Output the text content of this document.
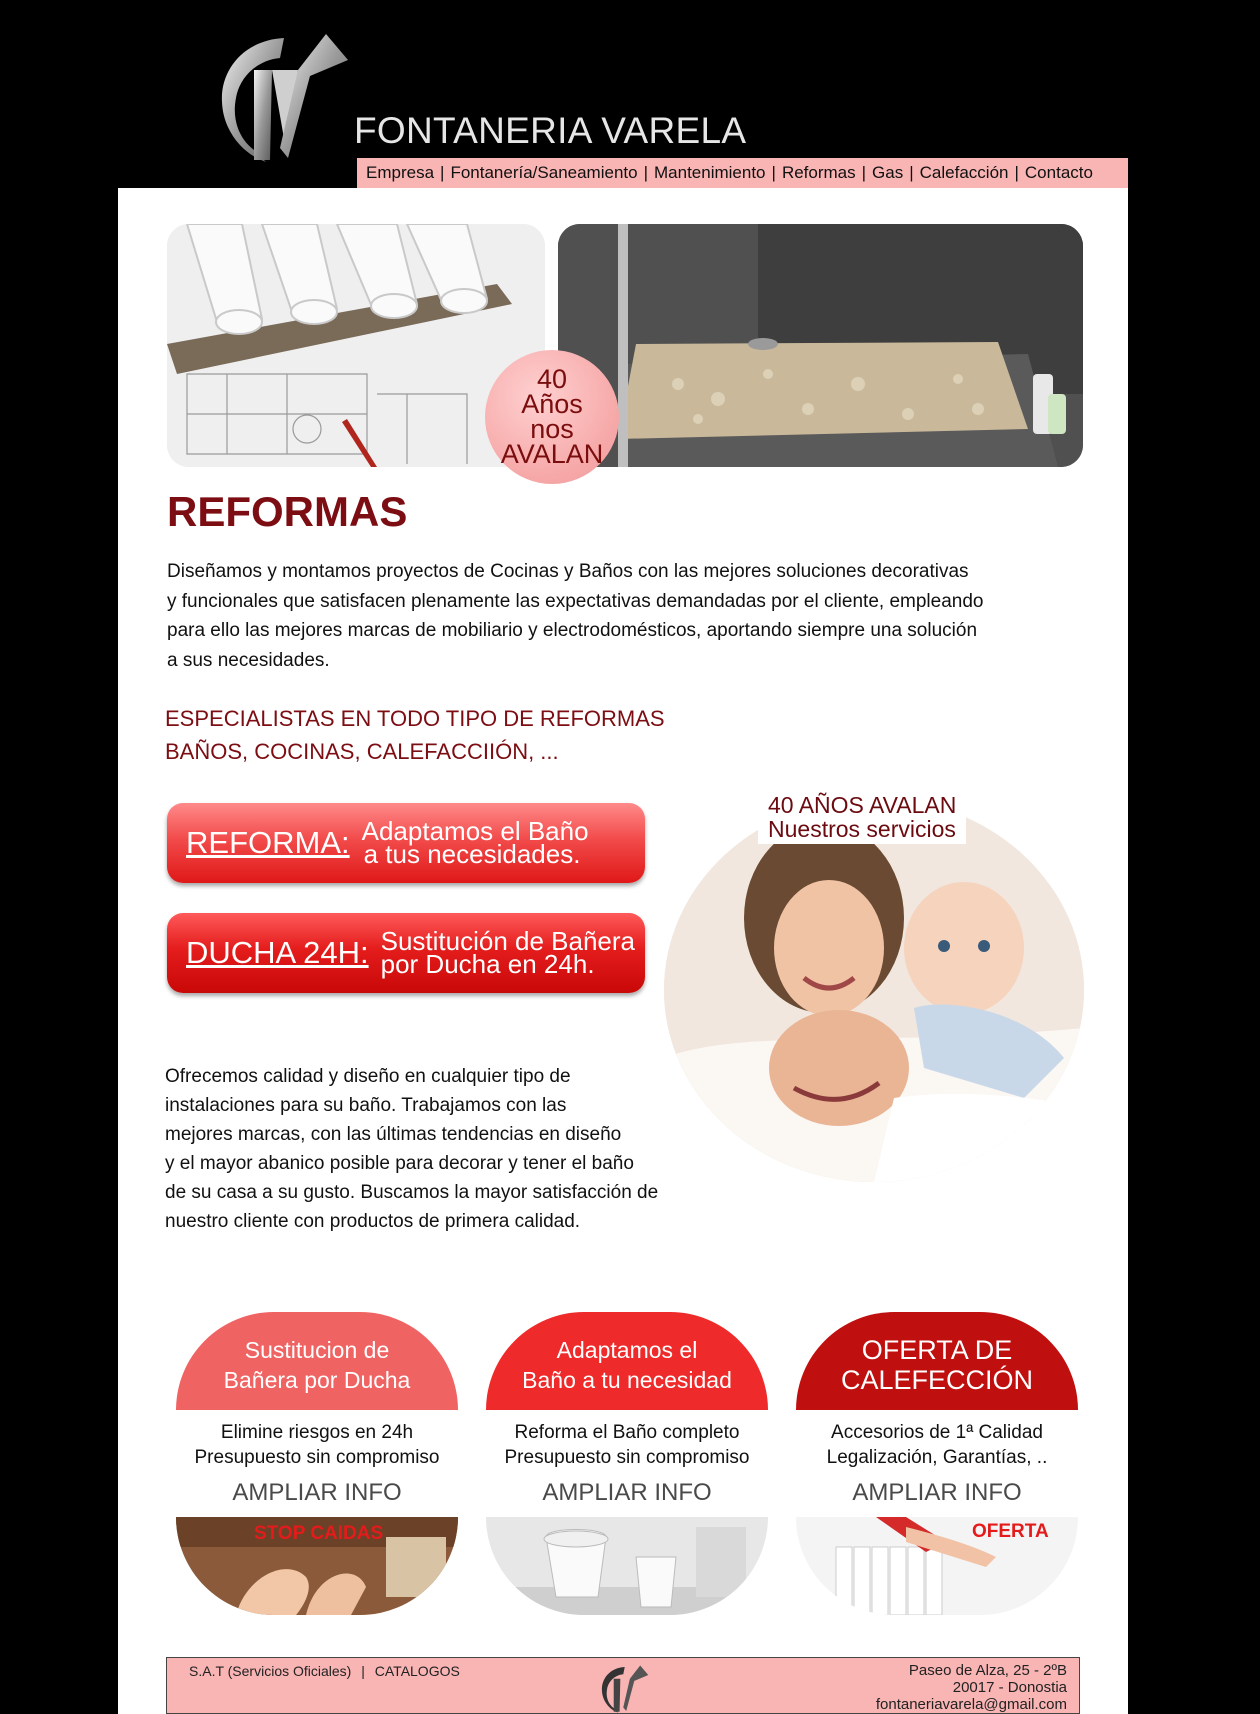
FONTANERIA VARELA
Empresa | Fontanería/Saneamiento | Mantenimiento | Reformas | Gas | Calefacción | Contacto
40
Años
nos
AVALAN
REFORMAS
Diseñamos y montamos proyectos de Cocinas y Baños con las mejores soluciones decorativas
y funcionales que satisfacen plenamente las expectativas demandadas por el cliente, empleando
para ello las mejores marcas de mobiliario y electrodomésticos, aportando siempre una solución
a sus necesidades.
ESPECIALISTAS EN TODO TIPO DE REFORMAS
BAÑOS, COCINAS, CALEFACCIIÓN, ...
REFORMA: Adaptamos el Baño
a tus necesidades.
DUCHA 24H: Sustitución de Bañera
por Ducha en 24h.
40 AÑOS AVALAN
Nuestros servicios
Ofrecemos calidad y diseño en cualquier tipo de
instalaciones para su baño. Trabajamos con las
mejores marcas, con las últimas tendencias en diseño
y el mayor abanico posible para decorar y tener el baño
de su casa a su gusto. Buscamos la mayor satisfacción de
nuestro cliente con productos de primera calidad.
Sustitucion de
Bañera por Ducha
Elimine riesgos en 24h
Presupuesto sin compromiso
AMPLIAR INFO
STOP CAIDAS
Adaptamos el
Baño a tu necesidad
Reforma el Baño completo
Presupuesto sin compromiso
AMPLIAR INFO
OFERTA DE
CALEFECCIÓN
Accesorios de 1ª Calidad
Legalización, Garantías, ..
AMPLIAR INFO
OFERTA
S.A.T (Servicios Oficiales) | CATALOGOS	Paseo de Alza, 25 - 2ºB
20017 - Donostia
fontaneriavarela@gmail.com
